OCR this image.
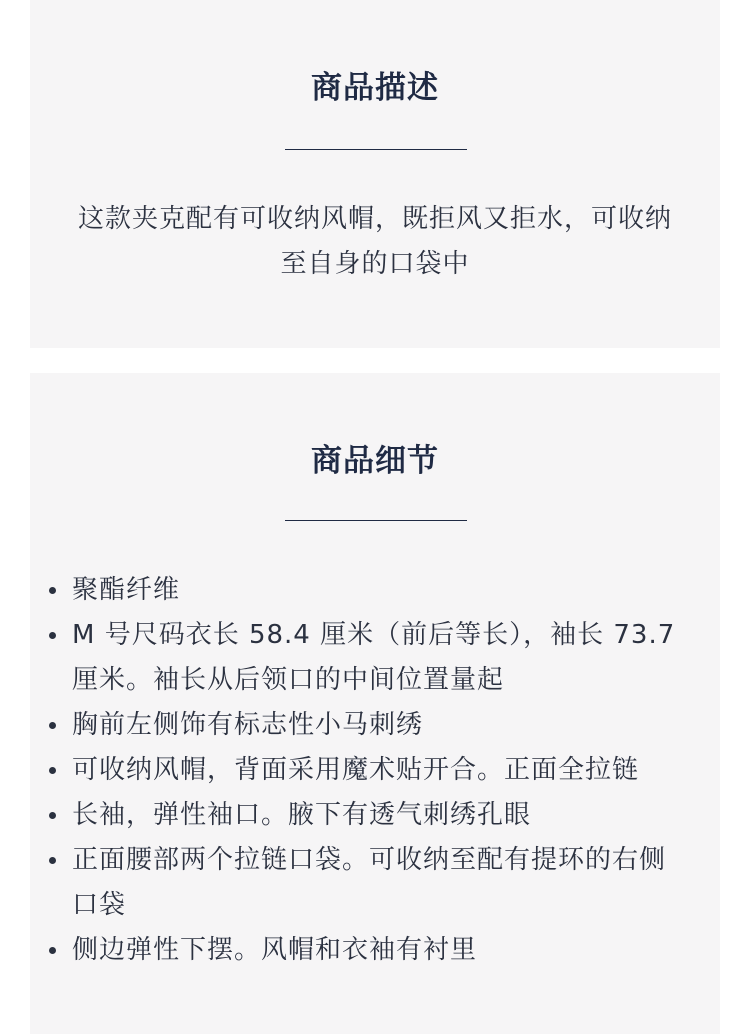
商品描述
这款夹克配有可收纳风帽，既拒风又拒水，可收纳至自身的口袋中
商品细节
聚酯纤维
M 号尺码衣长 58.4 厘米（前后等长），袖长 73.7 厘米。袖长从后领口的中间位置量起
胸前左侧饰有标志性小马刺绣
可收纳风帽，背面采用魔术贴开合。正面全拉链
长袖，弹性袖口。腋下有透气刺绣孔眼
正面腰部两个拉链口袋。可收纳至配有提环的右侧口袋
侧边弹性下摆。风帽和衣袖有衬里
